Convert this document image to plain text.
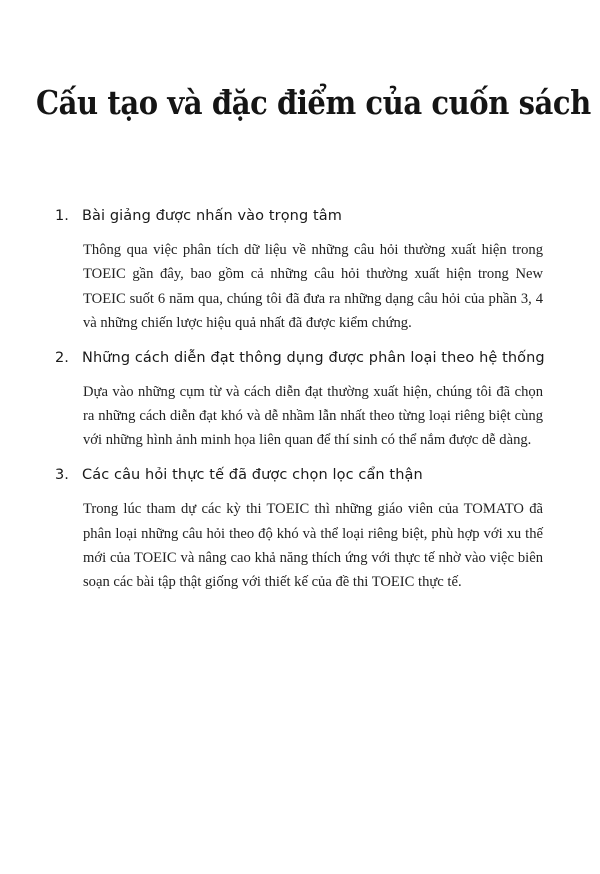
Cấu tạo và đặc điểm của cuốn sách
1. Bài giảng được nhấn vào trọng tâm

Thông qua việc phân tích dữ liệu về những câu hỏi thường xuất hiện trong TOEIC gần đây, bao gồm cả những câu hỏi thường xuất hiện trong New TOEIC suốt 6 năm qua, chúng tôi đã đưa ra những dạng câu hỏi của phần 3, 4 và những chiến lược hiệu quả nhất đã được kiểm chứng.

2. Những cách diễn đạt thông dụng được phân loại theo hệ thống

Dựa vào những cụm từ và cách diễn đạt thường xuất hiện, chúng tôi đã chọn ra những cách diễn đạt khó và dễ nhầm lẫn nhất theo từng loại riêng biệt cùng với những hình ảnh minh họa liên quan để thí sinh có thể nắm được dễ dàng.

3. Các câu hỏi thực tế đã được chọn lọc cẩn thận

Trong lúc tham dự các kỳ thi TOEIC thì những giáo viên của TOMATO đã phân loại những câu hỏi theo độ khó và thể loại riêng biệt, phù hợp với xu thế mới của TOEIC và nâng cao khả năng thích ứng với thực tế nhờ vào việc biên soạn các bài tập thật giống với thiết kế của đề thi TOEIC thực tế.
